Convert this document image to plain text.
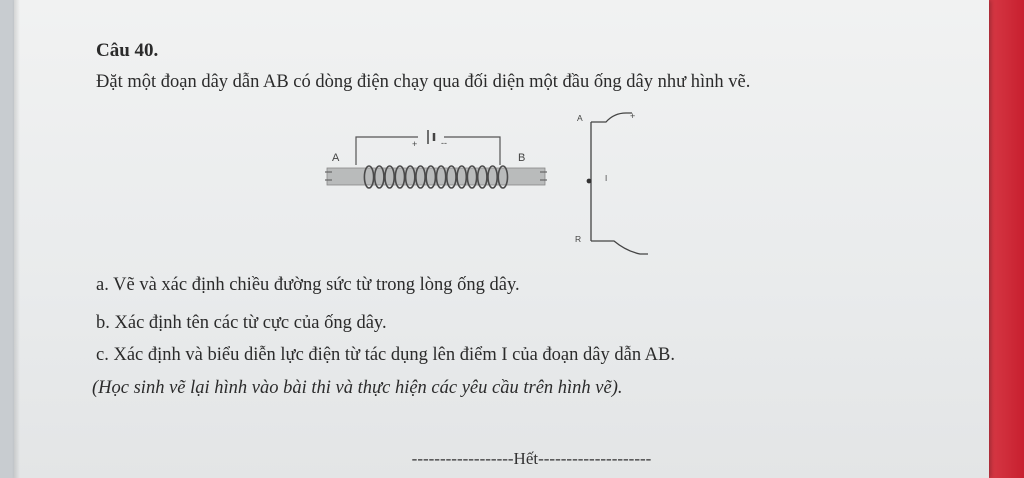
Câu 40.
Đặt một đoạn dây dẫn AB có dòng điện chạy qua đối diện một đầu ống dây như hình vẽ.
+	--
A	B
A
R
I
+
a. Vẽ và xác định chiều đường sức từ trong lòng ống dây.
b. Xác định tên các từ cực của ống dây.
c. Xác định và biểu diễn lực điện từ tác dụng lên điểm I của đoạn dây dẫn AB.
(Học sinh vẽ lại hình vào bài thi và thực hiện các yêu cầu trên hình vẽ).
------------------Hết--------------------
